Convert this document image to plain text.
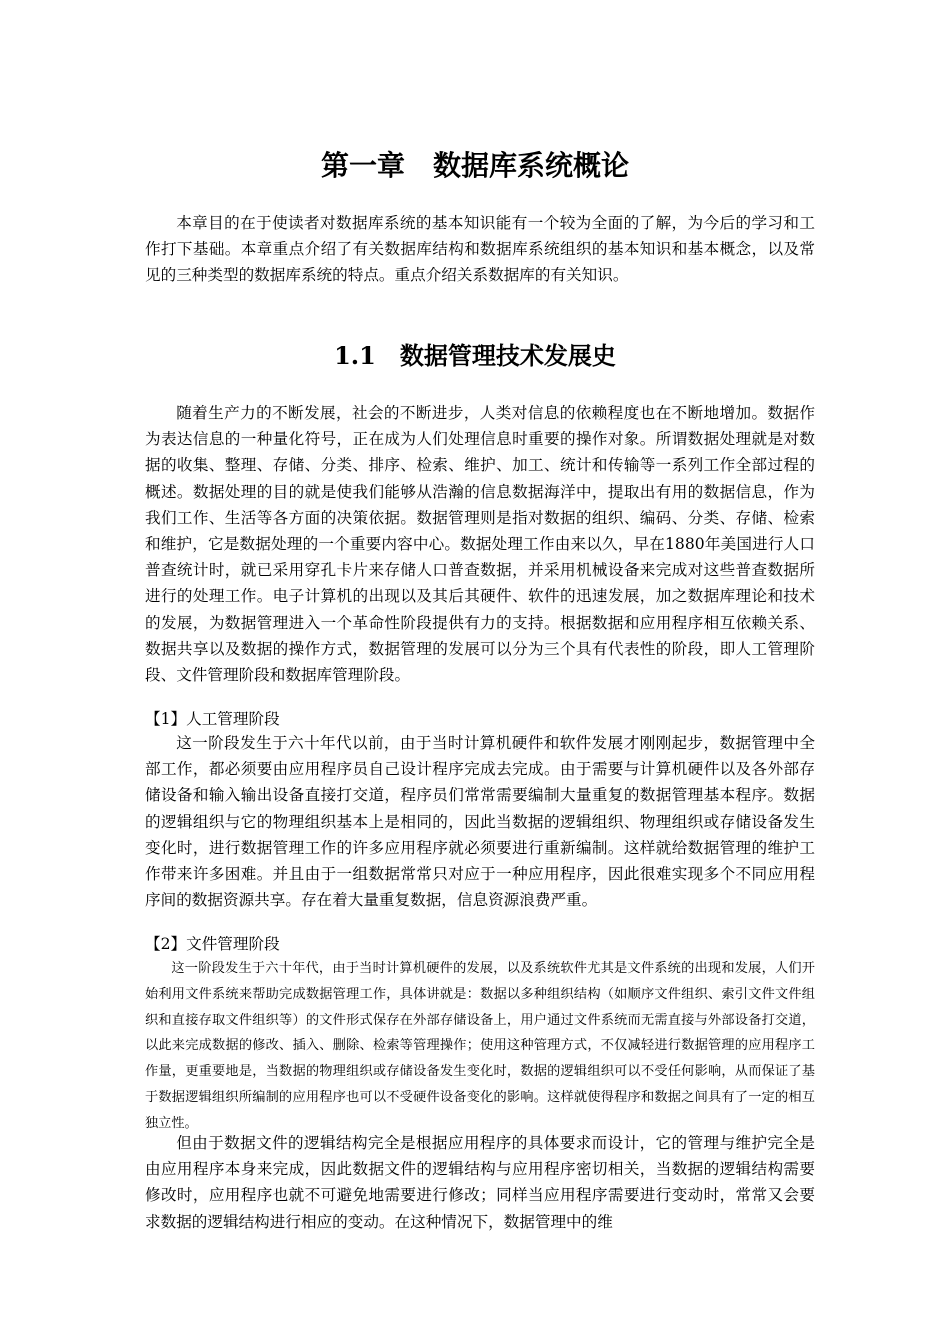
第一章　数据库系统概论

本章目的在于使读者对数据库系统的基本知识能有一个较为全面的了解，为今后的学习和工作打下基础。本章重点介绍了有关数据库结构和数据库系统组织的基本知识和基本概念，以及常见的三种类型的数据库系统的特点。重点介绍关系数据库的有关知识。

1.1　数据管理技术发展史

随着生产力的不断发展，社会的不断进步，人类对信息的依赖程度也在不断地增加。数据作为表达信息的一种量化符号，正在成为人们处理信息时重要的操作对象。所谓数据处理就是对数据的收集、整理、存储、分类、排序、检索、维护、加工、统计和传输等一系列工作全部过程的概述。数据处理的目的就是使我们能够从浩瀚的信息数据海洋中，提取出有用的数据信息，作为我们工作、生活等各方面的决策依据。数据管理则是指对数据的组织、编码、分类、存储、检索和维护，它是数据处理的一个重要内容中心。数据处理工作由来以久，早在1880年美国进行人口普查统计时，就已采用穿孔卡片来存储人口普查数据，并采用机械设备来完成对这些普查数据所进行的处理工作。电子计算机的出现以及其后其硬件、软件的迅速发展，加之数据库理论和技术的发展，为数据管理进入一个革命性阶段提供有力的支持。根据数据和应用程序相互依赖关系、数据共享以及数据的操作方式，数据管理的发展可以分为三个具有代表性的阶段，即人工管理阶段、文件管理阶段和数据库管理阶段。

【1】人工管理阶段

这一阶段发生于六十年代以前，由于当时计算机硬件和软件发展才刚刚起步，数据管理中全部工作，都必须要由应用程序员自己设计程序完成去完成。由于需要与计算机硬件以及各外部存储设备和输入输出设备直接打交道，程序员们常常需要编制大量重复的数据管理基本程序。数据的逻辑组织与它的物理组织基本上是相同的，因此当数据的逻辑组织、物理组织或存储设备发生变化时，进行数据管理工作的许多应用程序就必须要进行重新编制。这样就给数据管理的维护工作带来许多困难。并且由于一组数据常常只对应于一种应用程序，因此很难实现多个不同应用程序间的数据资源共享。存在着大量重复数据，信息资源浪费严重。

【2】文件管理阶段

这一阶段发生于六十年代，由于当时计算机硬件的发展，以及系统软件尤其是文件系统的出现和发展，人们开始利用文件系统来帮助完成数据管理工作，具体讲就是：数据以多种组织结构（如顺序文件组织、索引文件文件组织和直接存取文件组织等）的文件形式保存在外部存储设备上，用户通过文件系统而无需直接与外部设备打交道，以此来完成数据的修改、插入、删除、检索等管理操作；使用这种管理方式，不仅减轻进行数据管理的应用程序工作量，更重要地是，当数据的物理组织或存储设备发生变化时，数据的逻辑组织可以不受任何影响，从而保证了基于数据逻辑组织所编制的应用程序也可以不受硬件设备变化的影响。这样就使得程序和数据之间具有了一定的相互独立性。

但由于数据文件的逻辑结构完全是根据应用程序的具体要求而设计，它的管理与维护完全是由应用程序本身来完成，因此数据文件的逻辑结构与应用程序密切相关，当数据的逻辑结构需要修改时，应用程序也就不可避免地需要进行修改；同样当应用程序需要进行变动时，常常又会要求数据的逻辑结构进行相应的变动。在这种情况下，数据管理中的维
